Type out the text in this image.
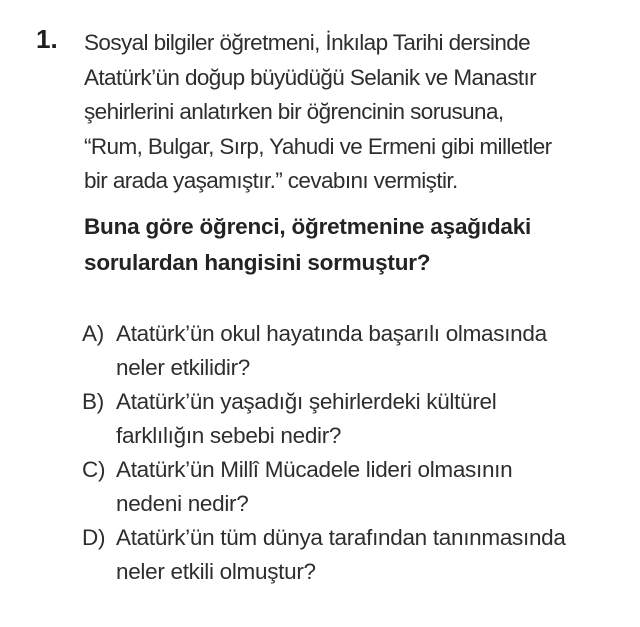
1. Sosyal bilgiler öğretmeni, İnkılap Tarihi dersinde
Atatürk’ün doğup büyüdüğü Selanik ve Manastır
şehirlerini anlatırken bir öğrencinin sorusuna,
“Rum, Bulgar, Sırp, Yahudi ve Ermeni gibi milletler
bir arada yaşamıştır.” cevabını vermiştir.
Buna göre öğrenci, öğretmenine aşağıdaki
sorulardan hangisini sormuştur?
A) Atatürk’ün okul hayatında başarılı olmasında
neler etkilidir?
B) Atatürk’ün yaşadığı şehirlerdeki kültürel
farklılığın sebebi nedir?
C) Atatürk’ün Millî Mücadele lideri olmasının
nedeni nedir?
D) Atatürk’ün tüm dünya tarafından tanınmasında
neler etkili olmuştur?
